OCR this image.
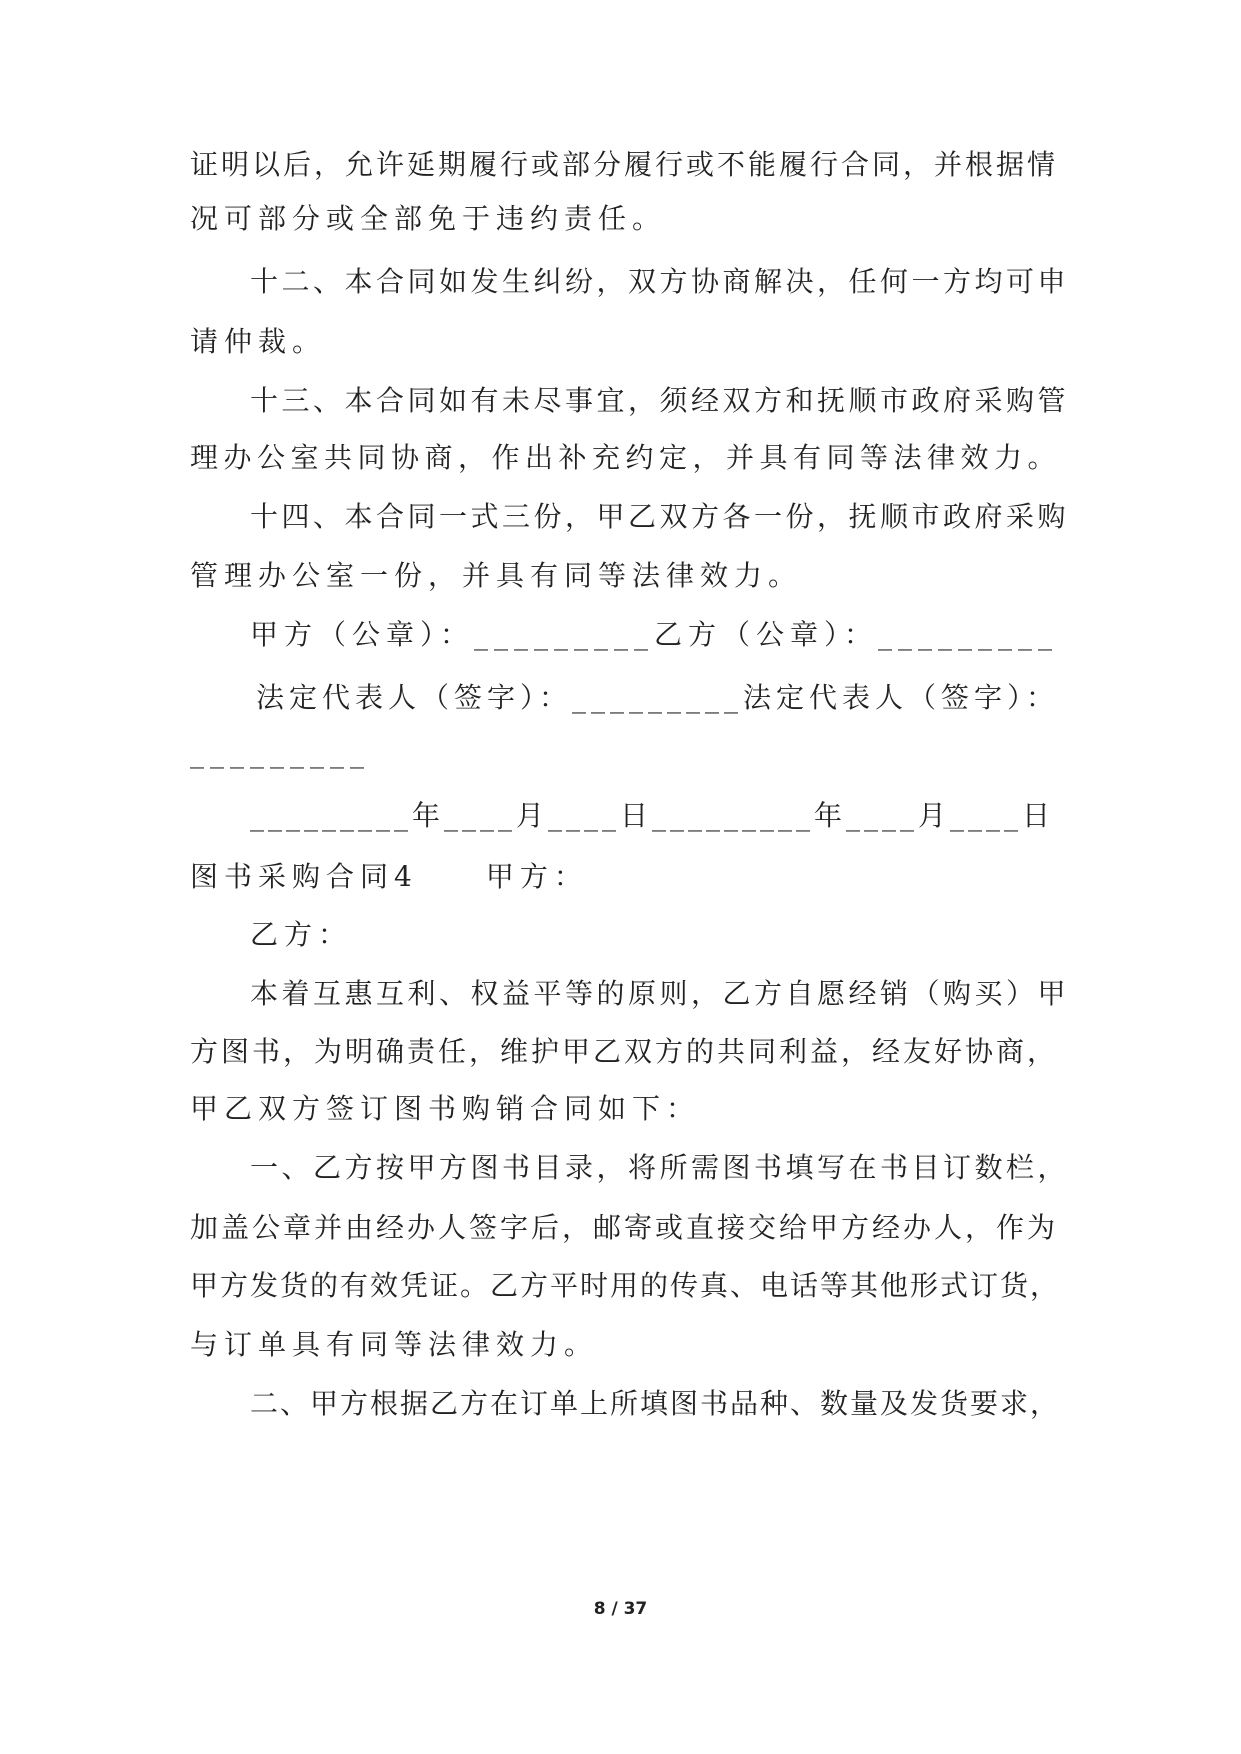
证明以后，允许延期履行或部分履行或不能履行合同，并根据情
况可部分或全部免于违约责任。
十二、本合同如发生纠纷，双方协商解决，任何一方均可申
请仲裁。
十三、本合同如有未尽事宜，须经双方和抚顺市政府采购管
理办公室共同协商，作出补充约定，并具有同等法律效力。
十四、本合同一式三份，甲乙双方各一份，抚顺市政府采购
管理办公室一份，并具有同等法律效力。
甲方（公章）：_________乙方（公章）：_________
法定代表人（签字）：_________法定代表人（签字）：
_________
_________年____月____日_________年____月____日
图书采购合同4　　甲方：
乙方：
本着互惠互利、权益平等的原则，乙方自愿经销（购买）甲
方图书，为明确责任，维护甲乙双方的共同利益，经友好协商，
甲乙双方签订图书购销合同如下：
一、乙方按甲方图书目录，将所需图书填写在书目订数栏，
加盖公章并由经办人签字后，邮寄或直接交给甲方经办人，作为
甲方发货的有效凭证。乙方平时用的传真、电话等其他形式订货，
与订单具有同等法律效力。
二、甲方根据乙方在订单上所填图书品种、数量及发货要求，
8 / 37
